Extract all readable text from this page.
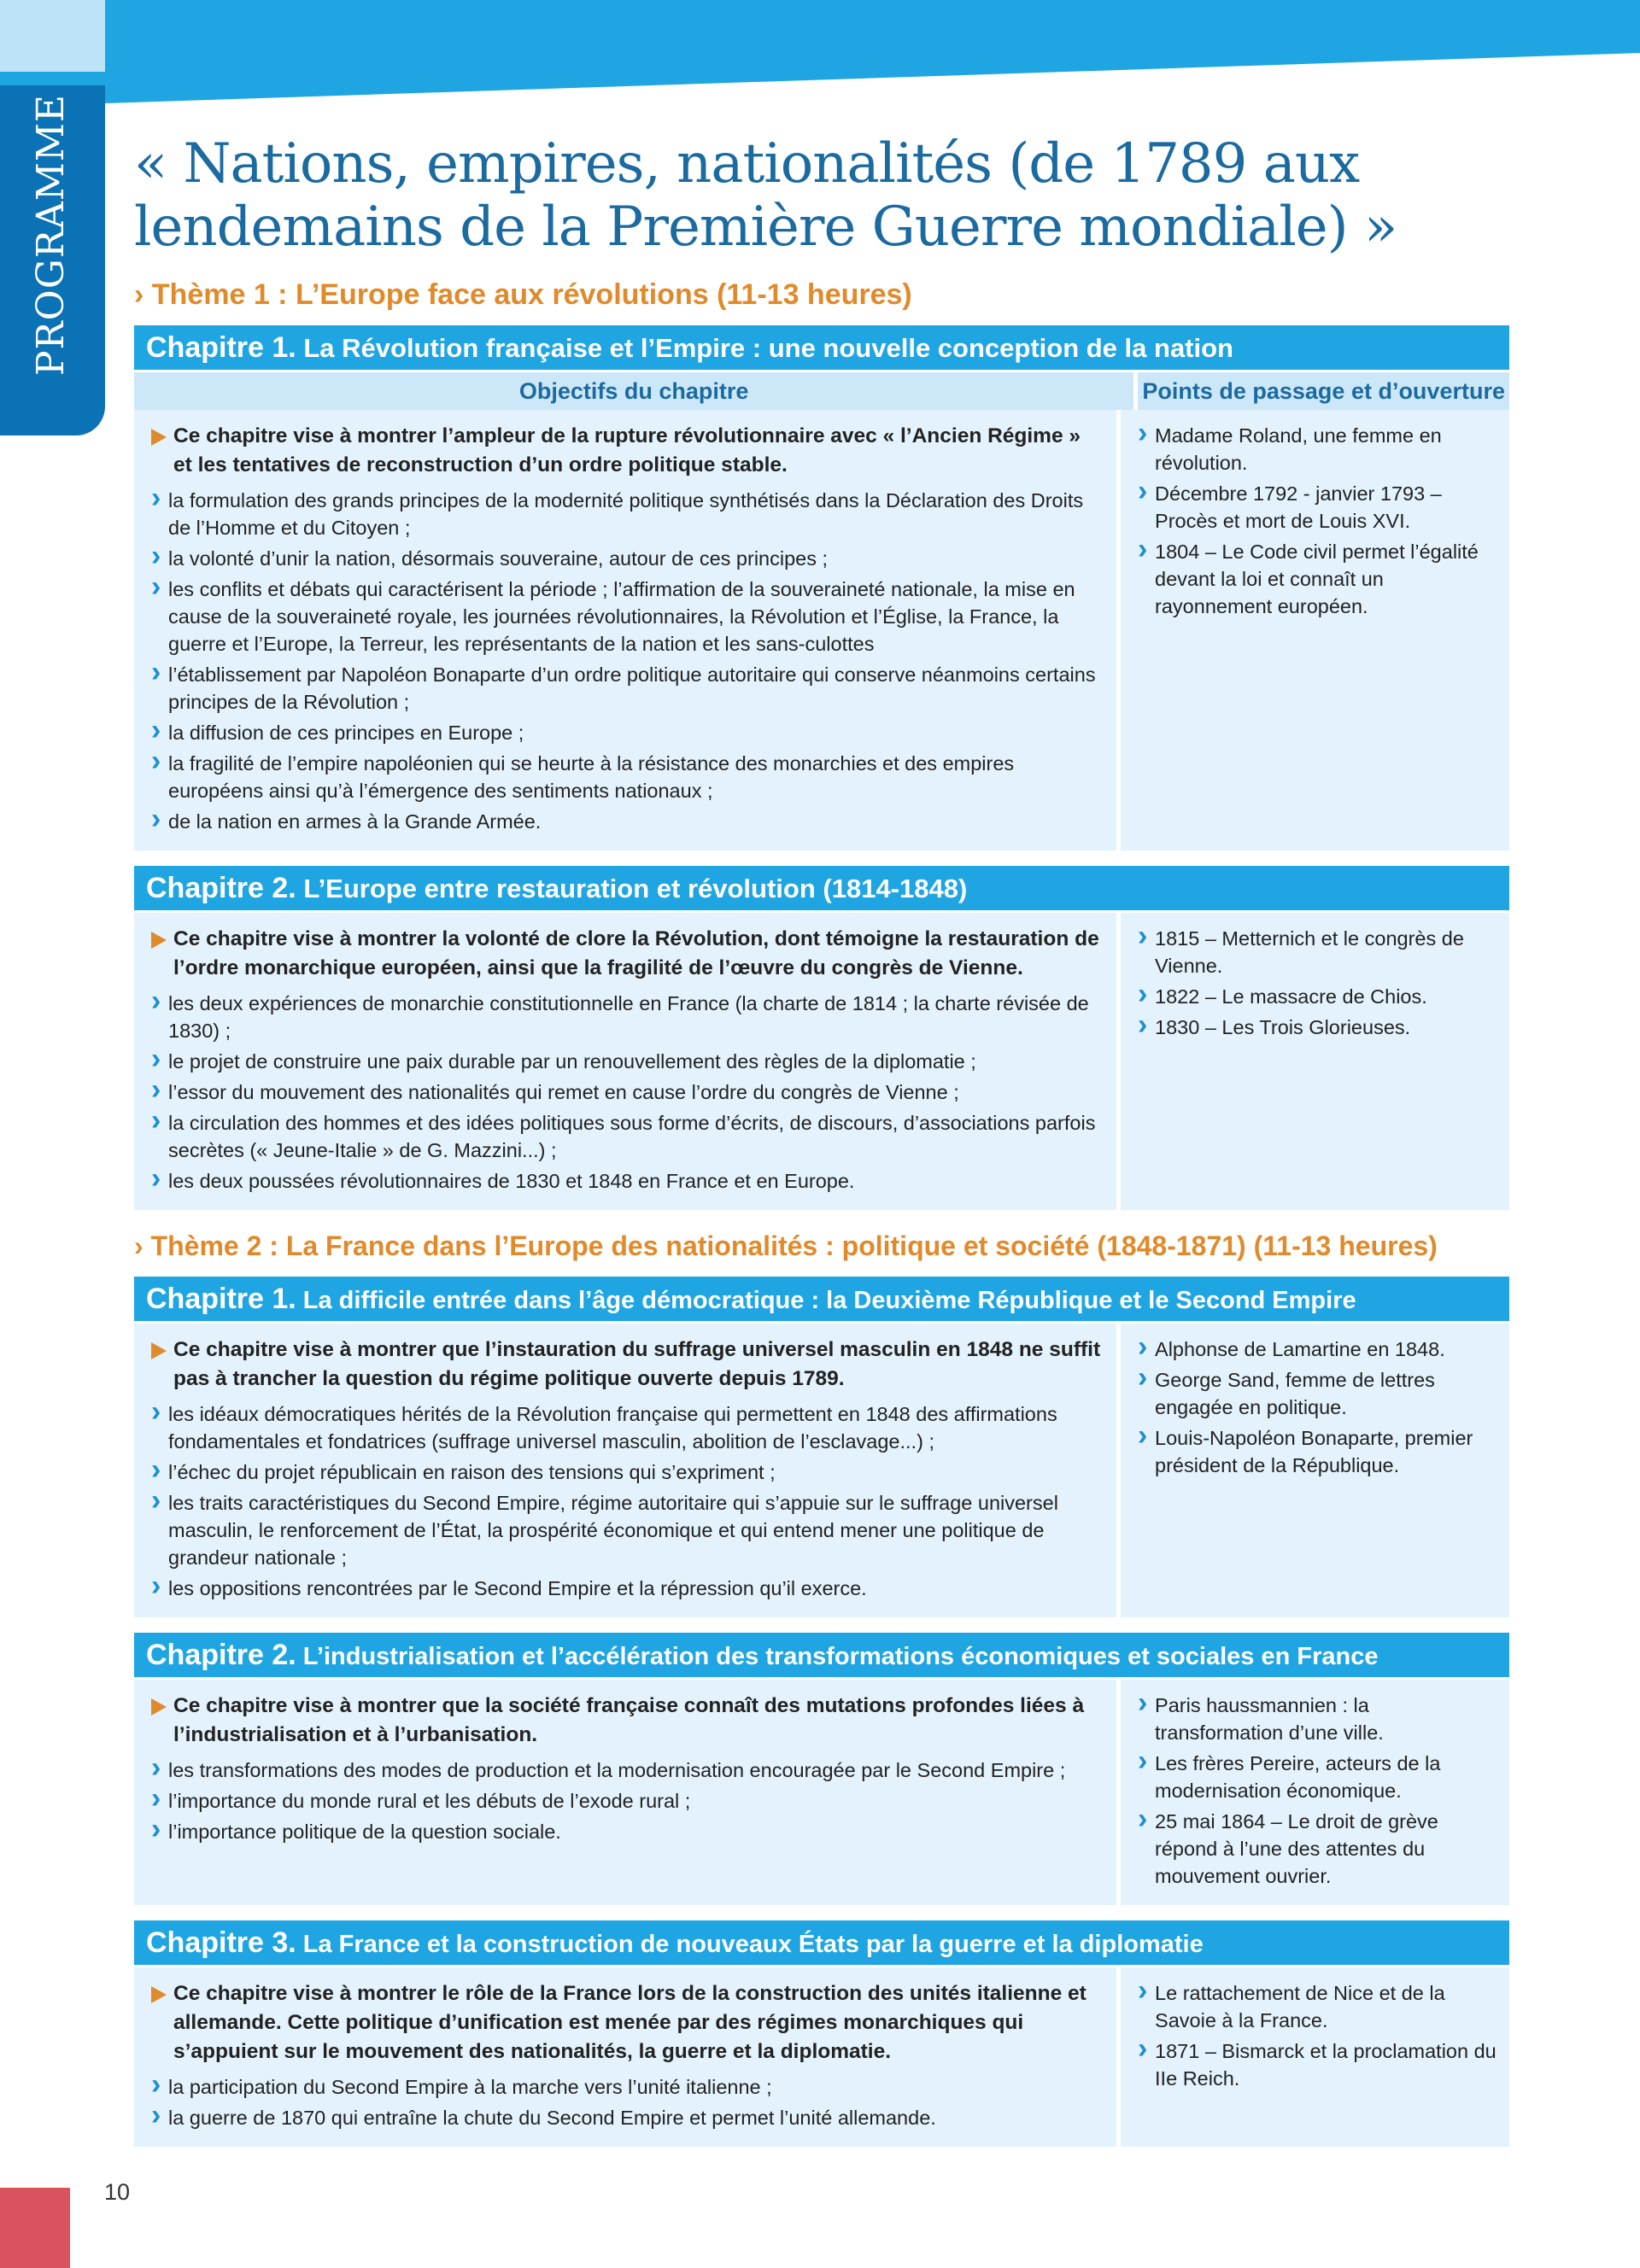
PROGRAMME « Nations, empires, nationalités (de 1789 aux
lendemains de la Première Guerre mondiale) »
› Thème 1 : L’Europe face aux révolutions (11-13 heures)
Chapitre 1. La Révolution française et l’Empire : une nouvelle conception de la nation
Objectifs du chapitre	Points de passage et d’ouverture
Ce chapitre vise à montrer l’ampleur de la rupture révolutionnaire avec « l’Ancien Régime » et les tentatives de reconstruction d’un ordre politique stable.
› la formulation des grands principes de la modernité politique synthétisés dans la Déclaration des Droits de l’Homme et du Citoyen ;
› la volonté d’unir la nation, désormais souveraine, autour de ces principes ;
› les conflits et débats qui caractérisent la période ; l’affirmation de la souveraineté nationale, la mise en cause de la souveraineté royale, les journées révolutionnaires, la Révolution et l’Église, la France, la guerre et l’Europe, la Terreur, les représentants de la nation et les sans-culottes
› l’établissement par Napoléon Bonaparte d’un ordre politique autoritaire qui conserve néanmoins certains principes de la Révolution ;
› la diffusion de ces principes en Europe ;
› la fragilité de l’empire napoléonien qui se heurte à la résistance des monarchies et des empires européens ainsi qu’à l’émergence des sentiments nationaux ;
› de la nation en armes à la Grande Armée.
› Madame Roland, une femme en révolution.
› Décembre 1792 - janvier 1793 – Procès et mort de Louis XVI.
› 1804 – Le Code civil permet l’égalité devant la loi et connaît un rayonnement européen.
Chapitre 2. L’Europe entre restauration et révolution (1814-1848)
Ce chapitre vise à montrer la volonté de clore la Révolution, dont témoigne la restauration de l’ordre monarchique européen, ainsi que la fragilité de l’œuvre du congrès de Vienne.
› les deux expériences de monarchie constitutionnelle en France (la charte de 1814 ; la charte révisée de 1830) ;
› le projet de construire une paix durable par un renouvellement des règles de la diplomatie ;
› l’essor du mouvement des nationalités qui remet en cause l’ordre du congrès de Vienne ;
› la circulation des hommes et des idées politiques sous forme d’écrits, de discours, d’associations parfois secrètes (« Jeune-Italie » de G. Mazzini...) ;
› les deux poussées révolutionnaires de 1830 et 1848 en France et en Europe.
› 1815 – Metternich et le congrès de Vienne.
› 1822 – Le massacre de Chios.
› 1830 – Les Trois Glorieuses.
› Thème 2 : La France dans l’Europe des nationalités : politique et société (1848-1871) (11-13 heures)
Chapitre 1. La difficile entrée dans l’âge démocratique : la Deuxième République et le Second Empire
Ce chapitre vise à montrer que l’instauration du suffrage universel masculin en 1848 ne suffit pas à trancher la question du régime politique ouverte depuis 1789.
› les idéaux démocratiques hérités de la Révolution française qui permettent en 1848 des affirmations fondamentales et fondatrices (suffrage universel masculin, abolition de l’esclavage...) ;
› l’échec du projet républicain en raison des tensions qui s’expriment ;
› les traits caractéristiques du Second Empire, régime autoritaire qui s’appuie sur le suffrage universel masculin, le renforcement de l’État, la prospérité économique et qui entend mener une politique de grandeur nationale ;
› les oppositions rencontrées par le Second Empire et la répression qu’il exerce.
› Alphonse de Lamartine en 1848.
› George Sand, femme de lettres engagée en politique.
› Louis-Napoléon Bonaparte, premier président de la République.
Chapitre 2. L’industrialisation et l’accélération des transformations économiques et sociales en France
Ce chapitre vise à montrer que la société française connaît des mutations profondes liées à l’industrialisation et à l’urbanisation.
› les transformations des modes de production et la modernisation encouragée par le Second Empire ;
› l’importance du monde rural et les débuts de l’exode rural ;
› l’importance politique de la question sociale.
› Paris haussmannien : la transformation d’une ville.
› Les frères Pereire, acteurs de la modernisation économique.
› 25 mai 1864 – Le droit de grève répond à l’une des attentes du mouvement ouvrier.
Chapitre 3. La France et la construction de nouveaux États par la guerre et la diplomatie
Ce chapitre vise à montrer le rôle de la France lors de la construction des unités italienne et allemande. Cette politique d’unification est menée par des régimes monarchiques qui s’appuient sur le mouvement des nationalités, la guerre et la diplomatie.
› la participation du Second Empire à la marche vers l’unité italienne ;
› la guerre de 1870 qui entraîne la chute du Second Empire et permet l’unité allemande.
› Le rattachement de Nice et de la Savoie à la France.
› 1871 – Bismarck et la proclamation du IIe Reich.
10
